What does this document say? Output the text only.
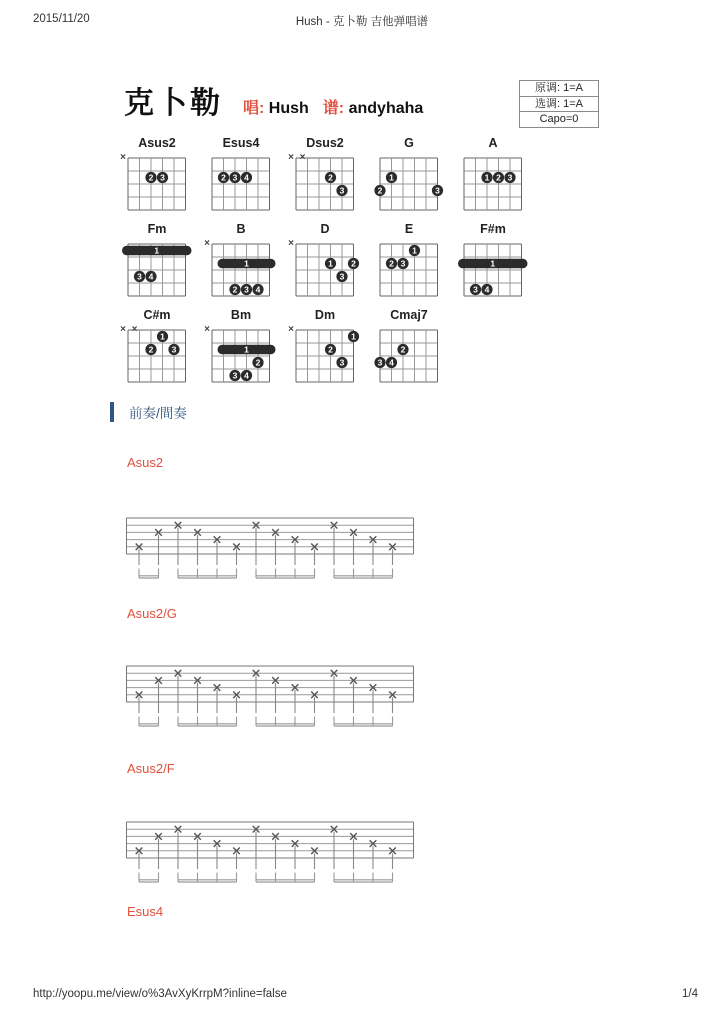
2015/11/20	Hush - 克卜勒 吉他弹唱谱
克卜勒 唱: Hush 谱: andyhaha
原调: 1=A
选调: 1=A
Capo=0
Asus2
×
2 3
Esus4
2 3 4
Dsus2
× ×
2
3
G
1
2	3
A
1 2 3
Fm
1
3 4
B
×
1
2 3 4
D
×
1 2
3
E
1
2 3
F#m
1
3 4
C#m
× ×
1
2 3
Bm
×
1
2
3 4
Dm
×
1
2
3
Cmaj7
2
3 4
前奏/間奏
Asus2
Asus2/G
Asus2/F
Esus4
http://yoopu.me/view/o%3AvXyKrrpM?inline=false	1/4
